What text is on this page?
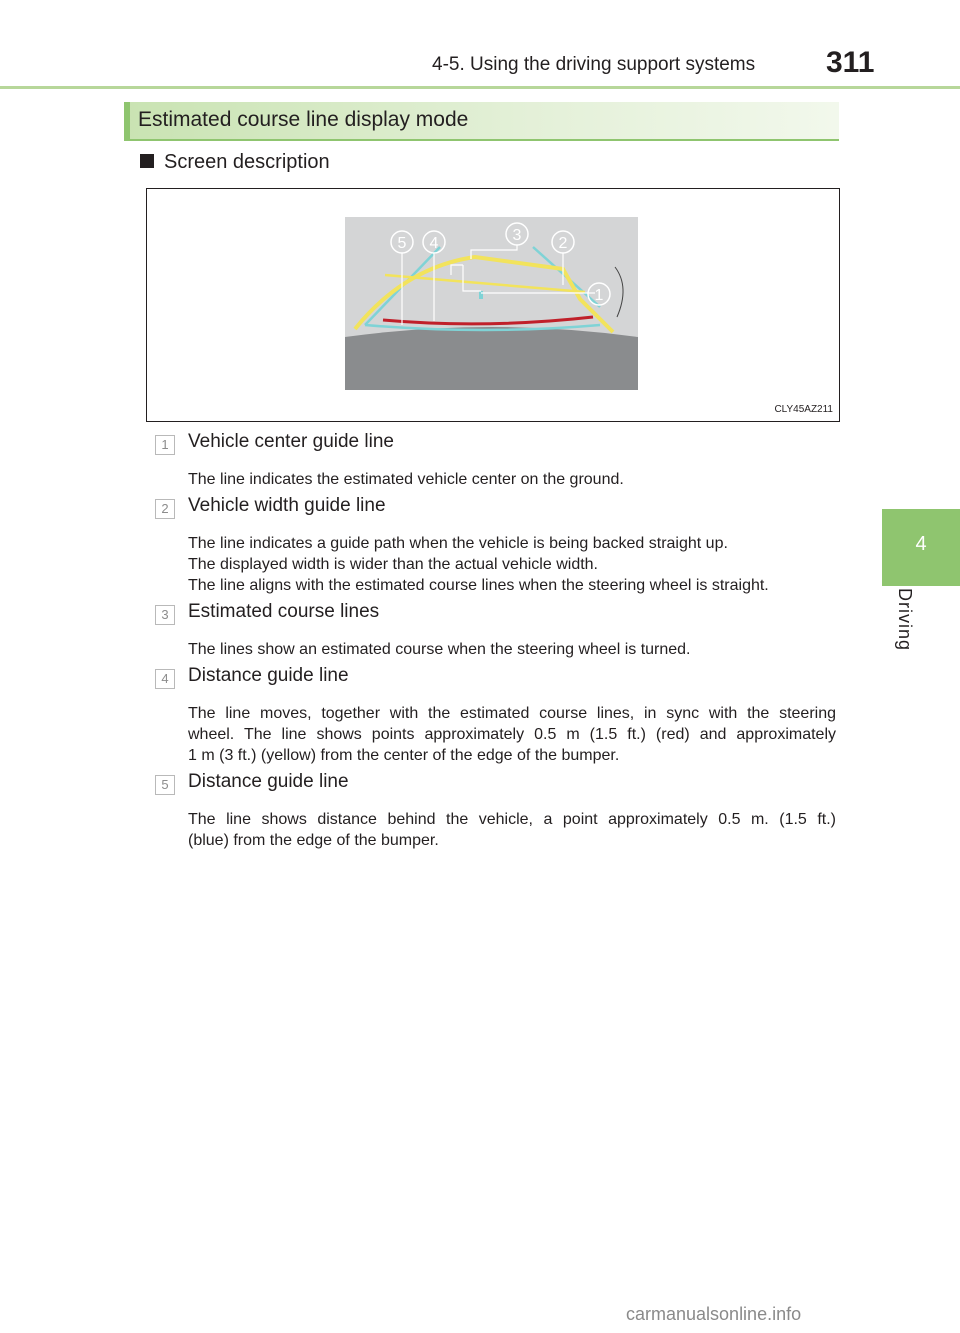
4-5. Using the driving support systems 311
4
Driving
Estimated course line display mode
Screen description
5 4	3 2
1
CLY45AZ211
1	Vehicle center guide line
The line indicates the estimated vehicle center on the ground.
2	Vehicle width guide line
The line indicates a guide path when the vehicle is being backed straight up.
The displayed width is wider than the actual vehicle width.
The line aligns with the estimated course lines when the steering wheel is straight.
3	Estimated course lines
The lines show an estimated course when the steering wheel is turned.
4	Distance guide line
The line moves, together with the estimated course lines, in sync with the steering
wheel. The line shows points approximately 0.5 m (1.5 ft.) (red) and approximately
1 m (3 ft.) (yellow) from the center of the edge of the bumper.
5	Distance guide line
The line shows distance behind the vehicle, a point approximately 0.5 m. (1.5 ft.)
(blue) from the edge of the bumper.
carmanualsonline.info
